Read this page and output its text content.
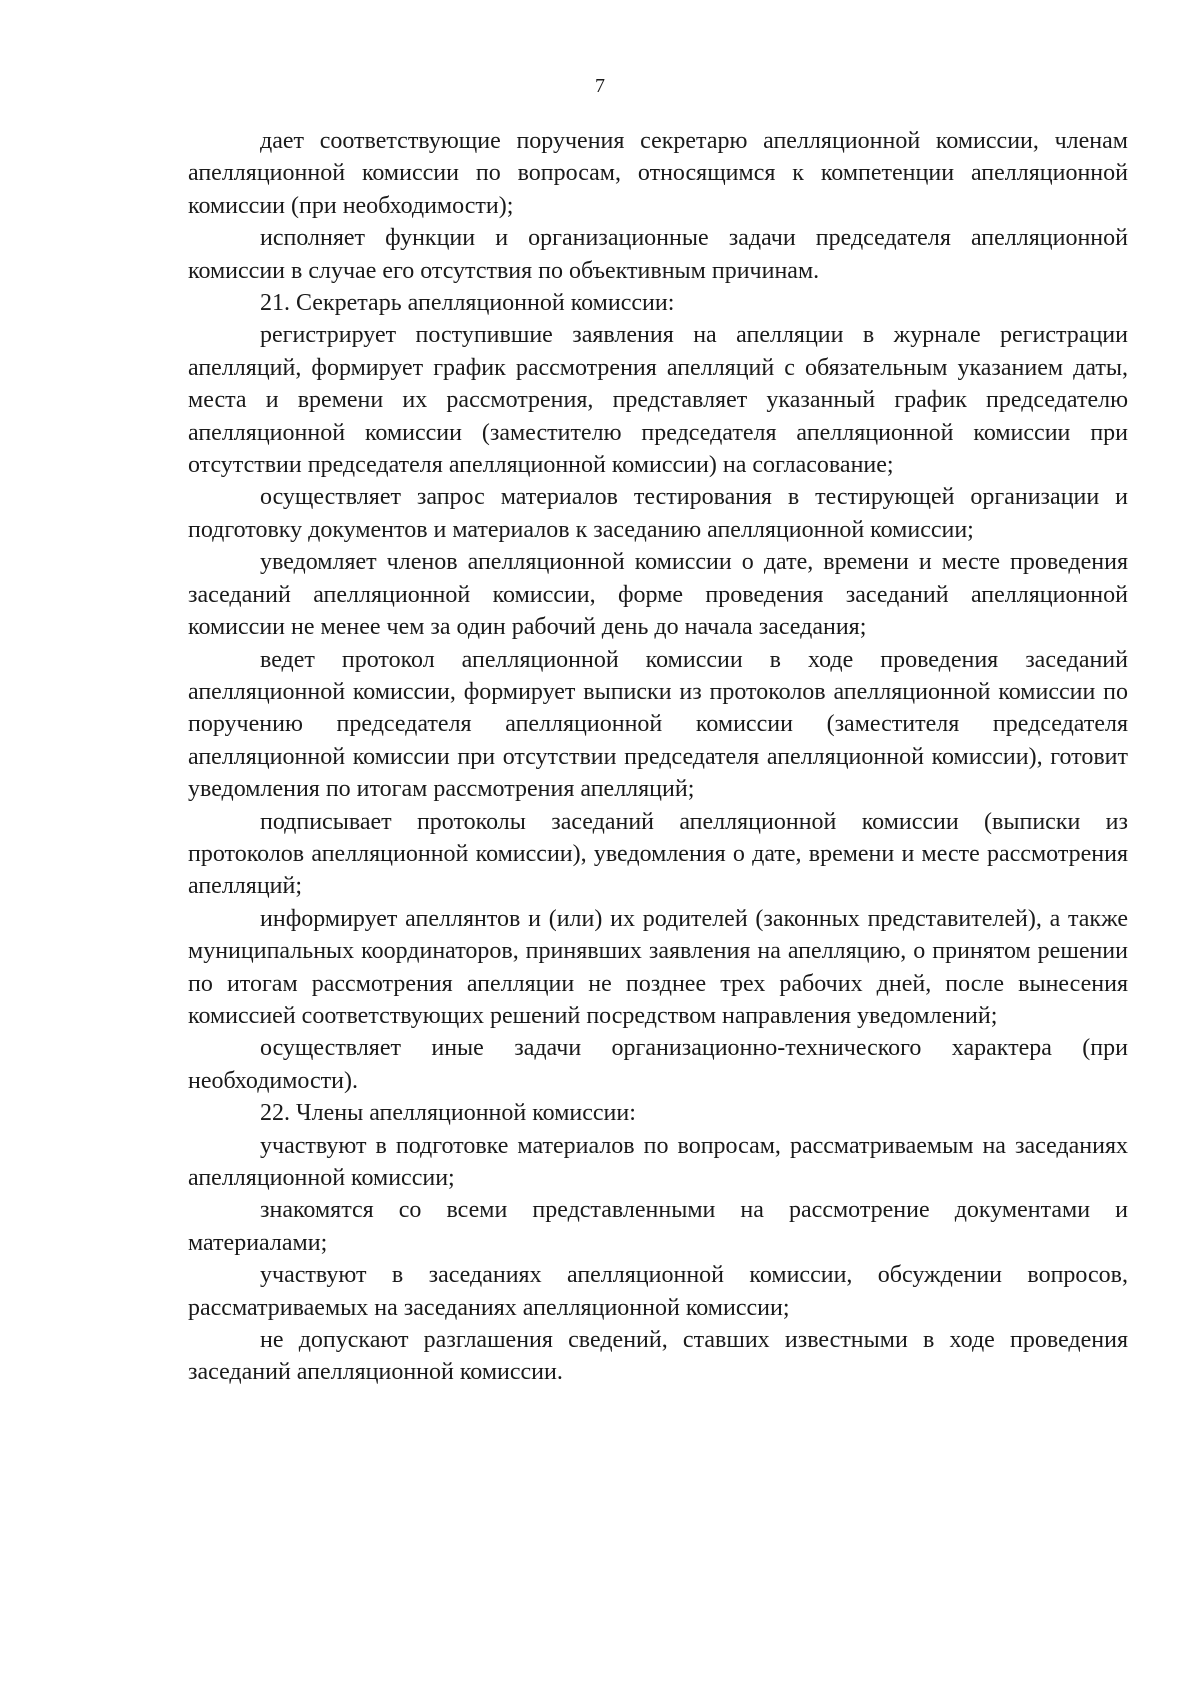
7

дает соответствующие поручения секретарю апелляционной комиссии, членам апелляционной комиссии по вопросам, относящимся к компетенции апелляционной комиссии (при необходимости);

исполняет функции и организационные задачи председателя апелляционной комиссии в случае его отсутствия по объективным причинам.

21. Секретарь апелляционной комиссии:

регистрирует поступившие заявления на апелляции в журнале регистрации апелляций, формирует график рассмотрения апелляций с обязательным указанием даты, места и времени их рассмотрения, представляет указанный график председателю апелляционной комиссии (заместителю председателя апелляционной комиссии при отсутствии председателя апелляционной комиссии) на согласование;

осуществляет запрос материалов тестирования в тестирующей организации и подготовку документов и материалов к заседанию апелляционной комиссии;

уведомляет членов апелляционной комиссии о дате, времени и месте проведения заседаний апелляционной комиссии, форме проведения заседаний апелляционной комиссии не менее чем за один рабочий день до начала заседания;

ведет протокол апелляционной комиссии в ходе проведения заседаний апелляционной комиссии, формирует выписки из протоколов апелляционной комиссии по поручению председателя апелляционной комиссии (заместителя председателя апелляционной комиссии при отсутствии председателя апелляционной комиссии), готовит уведомления по итогам рассмотрения апелляций;

подписывает протоколы заседаний апелляционной комиссии (выписки из протоколов апелляционной комиссии), уведомления о дате, времени и месте рассмотрения апелляций;

информирует апеллянтов и (или) их родителей (законных представителей), а также муниципальных координаторов, принявших заявления на апелляцию, о принятом решении по итогам рассмотрения апелляции не позднее трех рабочих дней, после вынесения комиссией соответствующих решений посредством направления уведомлений;

осуществляет иные задачи организационно-технического характера (при необходимости).

22. Члены апелляционной комиссии:

участвуют в подготовке материалов по вопросам, рассматриваемым на заседаниях апелляционной комиссии;

знакомятся со всеми представленными на рассмотрение документами и материалами;

участвуют в заседаниях апелляционной комиссии, обсуждении вопросов, рассматриваемых на заседаниях апелляционной комиссии;

не допускают разглашения сведений, ставших известными в ходе проведения заседаний апелляционной комиссии.
